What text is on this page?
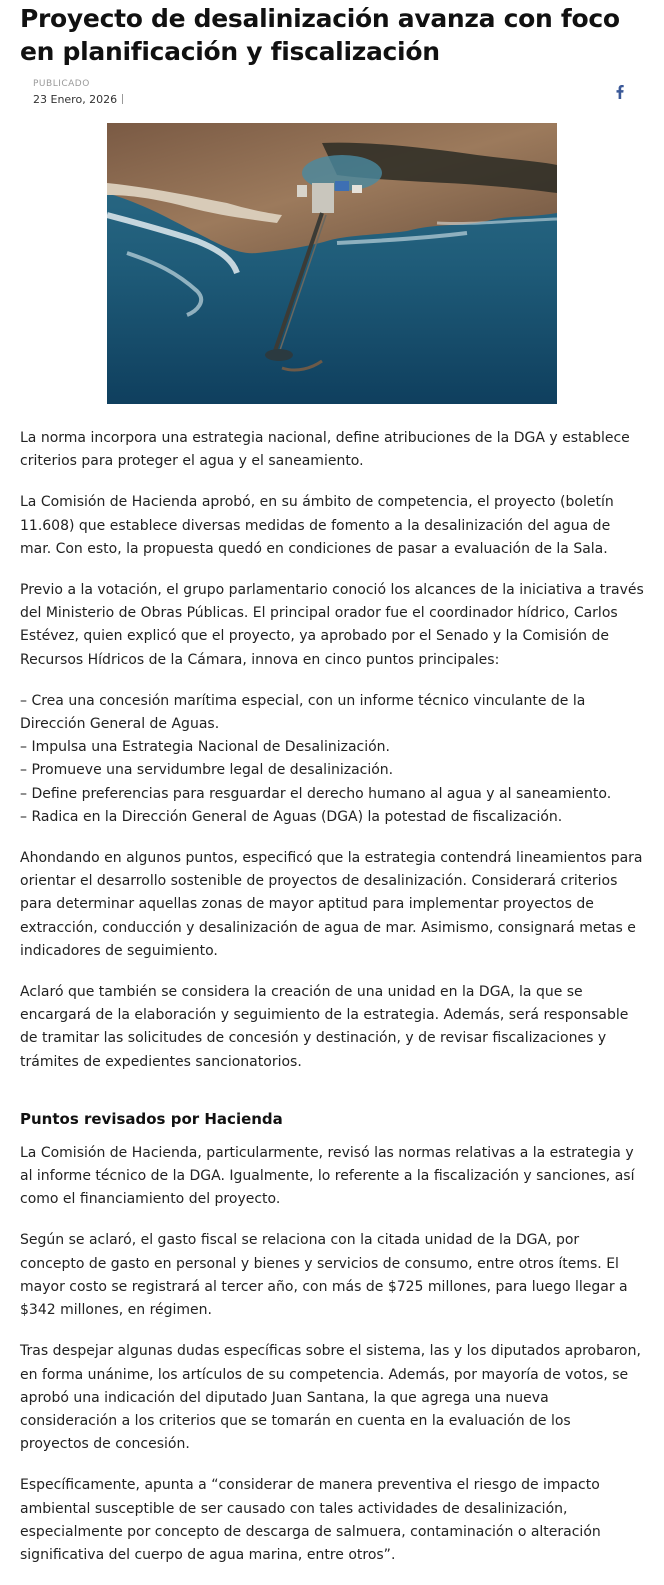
Proyecto de desalinización avanza con foco en planificación y fiscalización
PUBLICADO
23 Enero, 2026

La norma incorpora una estrategia nacional, define atribuciones de la DGA y establece criterios para proteger el agua y el saneamiento.

La Comisión de Hacienda aprobó, en su ámbito de competencia, el proyecto (boletín 11.608) que establece diversas medidas de fomento a la desalinización del agua de mar. Con esto, la propuesta quedó en condiciones de pasar a evaluación de la Sala.

Previo a la votación, el grupo parlamentario conoció los alcances de la iniciativa a través del Ministerio de Obras Públicas. El principal orador fue el coordinador hídrico, Carlos Estévez, quien explicó que el proyecto, ya aprobado por el Senado y la Comisión de Recursos Hídricos de la Cámara, innova en cinco puntos principales:

– Crea una concesión marítima especial, con un informe técnico vinculante de la Dirección General de Aguas.
– Impulsa una Estrategia Nacional de Desalinización.
– Promueve una servidumbre legal de desalinización.
– Define preferencias para resguardar el derecho humano al agua y al saneamiento.
– Radica en la Dirección General de Aguas (DGA) la potestad de fiscalización.

Ahondando en algunos puntos, especificó que la estrategia contendrá lineamientos para orientar el desarrollo sostenible de proyectos de desalinización. Considerará criterios para determinar aquellas zonas de mayor aptitud para implementar proyectos de extracción, conducción y desalinización de agua de mar. Asimismo, consignará metas e indicadores de seguimiento.

Aclaró que también se considera la creación de una unidad en la DGA, la que se encargará de la elaboración y seguimiento de la estrategia. Además, será responsable de tramitar las solicitudes de concesión y destinación, y de revisar fiscalizaciones y trámites de expedientes sancionatorios.

Puntos revisados por Hacienda

La Comisión de Hacienda, particularmente, revisó las normas relativas a la estrategia y al informe técnico de la DGA. Igualmente, lo referente a la fiscalización y sanciones, así como el financiamiento del proyecto.

Según se aclaró, el gasto fiscal se relaciona con la citada unidad de la DGA, por concepto de gasto en personal y bienes y servicios de consumo, entre otros ítems. El mayor costo se registrará al tercer año, con más de $725 millones, para luego llegar a $342 millones, en régimen.

Tras despejar algunas dudas específicas sobre el sistema, las y los diputados aprobaron, en forma unánime, los artículos de su competencia. Además, por mayoría de votos, se aprobó una indicación del diputado Juan Santana, la que agrega una nueva consideración a los criterios que se tomarán en cuenta en la evaluación de los proyectos de concesión.

Específicamente, apunta a “considerar de manera preventiva el riesgo de impacto ambiental susceptible de ser causado con tales actividades de desalinización, especialmente por concepto de descarga de salmuera, contaminación o alteración significativa del cuerpo de agua marina, entre otros”.
